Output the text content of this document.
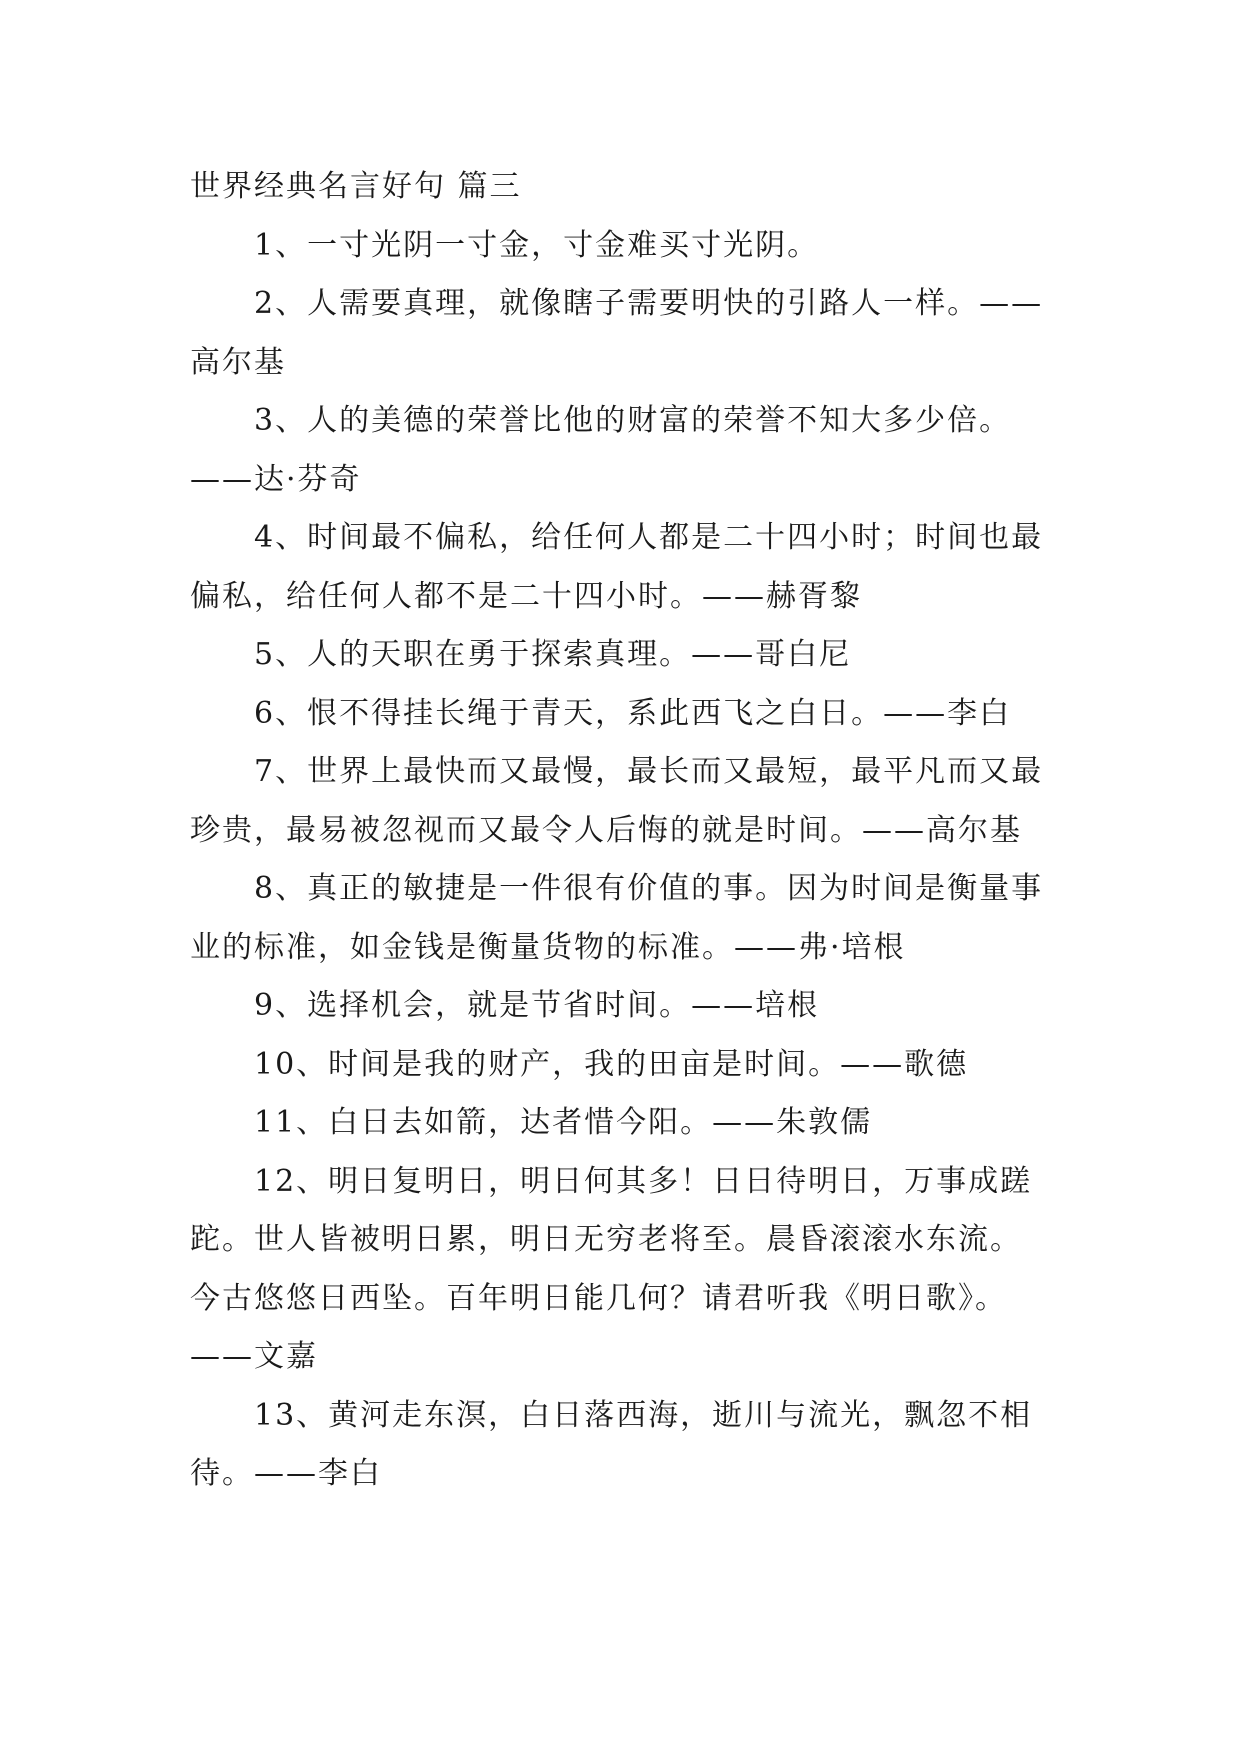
世界经典名言好句 篇三

1、一寸光阴一寸金，寸金难买寸光阴。

2、人需要真理，就像瞎子需要明快的引路人一样。——高尔基

3、人的美德的荣誉比他的财富的荣誉不知大多少倍。——达·芬奇

4、时间最不偏私，给任何人都是二十四小时；时间也最偏私，给任何人都不是二十四小时。——赫胥黎

5、人的天职在勇于探索真理。——哥白尼

6、恨不得挂长绳于青天，系此西飞之白日。——李白

7、世界上最快而又最慢，最长而又最短，最平凡而又最珍贵，最易被忽视而又最令人后悔的就是时间。——高尔基

8、真正的敏捷是一件很有价值的事。因为时间是衡量事业的标准，如金钱是衡量货物的标准。——弗·培根

9、选择机会，就是节省时间。——培根

10、时间是我的财产，我的田亩是时间。——歌德

11、白日去如箭，达者惜今阳。——朱敦儒

12、明日复明日，明日何其多！日日待明日，万事成蹉跎。世人皆被明日累，明日无穷老将至。晨昏滚滚水东流。今古悠悠日西坠。百年明日能几何？请君听我《明日歌》。——文嘉

13、黄河走东溟，白日落西海，逝川与流光，飘忽不相待。——李白
